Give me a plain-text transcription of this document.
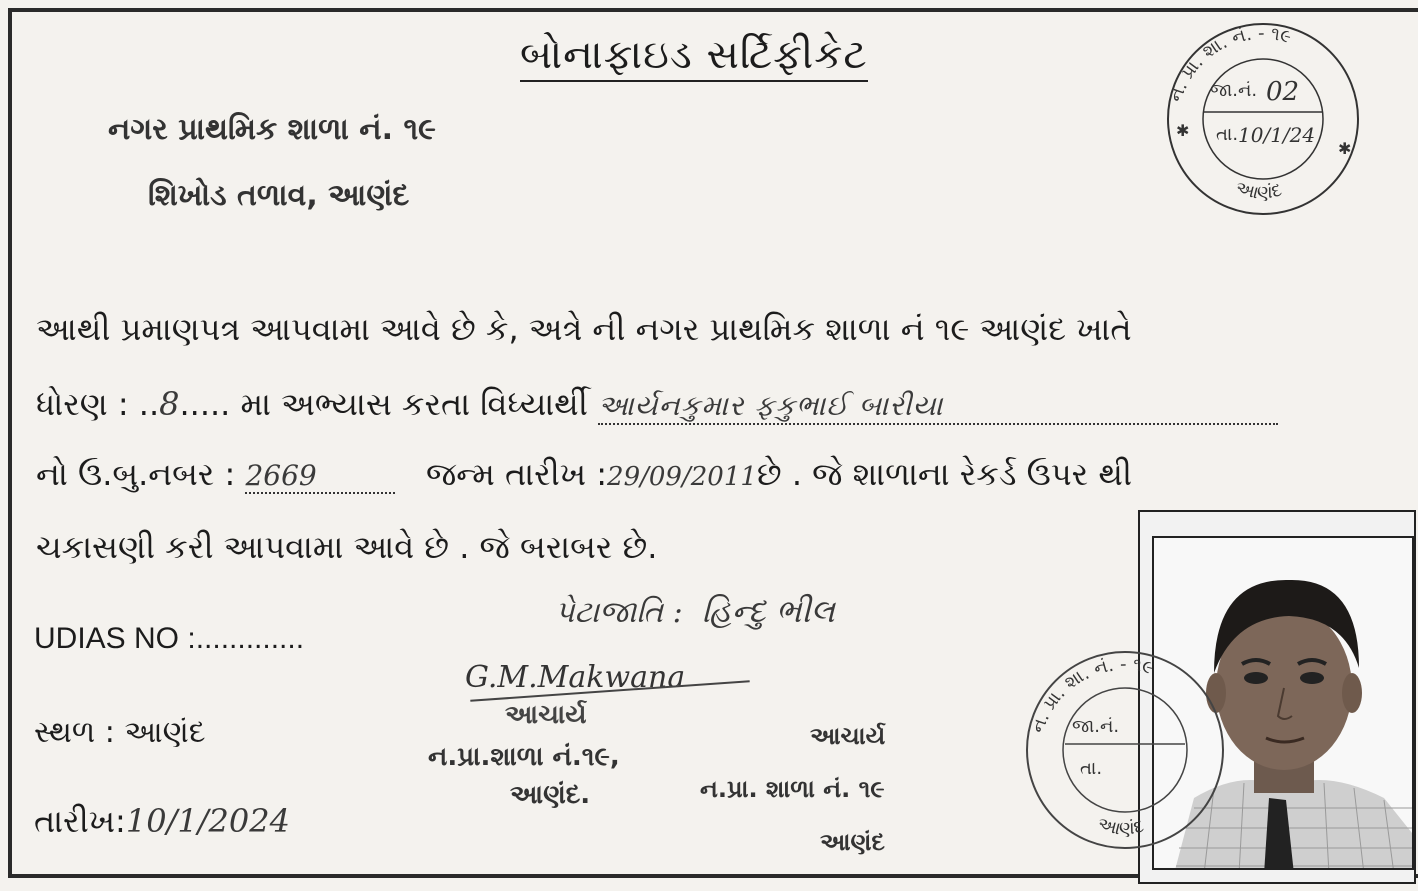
બોનાફાઇડ સર્ટિફીકેટ
નગર પ્રાથમિક શાળા નં. ૧૯
શિખોડ તળાવ, આણંદ
ન. પ્રા. શા. નં. - ૧૯
આણંદ
જા.નં. 02
તા. 10/1/24
✱
✱
આથી પ્રમાણપત્ર આપવામા આવે છે કે, અત્રે ની નગર પ્રાથમિક શાળા નં ૧૯ આણંદ ખાતે
ધોરણ : ..8..... મા અભ્યાસ કરતા વિધ્યાર્થી આર્યનકુમાર ફકુભાઈ બારીયા
નો ઉ.બુ.નબર : 2669	જન્મ તારીખ :29/09/2011છે . જે શાળાના રેકર્ડ ઉપર થી
ચકાસણી કરી આપવામા આવે છે . જે બરાબર છે.
પેટાજાતિ : હિન્દુ ભીલ
UDIAS NO :.............
G.M.Makwana
આચાર્ય
ન.પ્રા.શાળા નં.૧૯,
આણંદ.
આચાર્ય
ન.પ્રા. શાળા નં. ૧૯
આણંદ
સ્થળ : આણંદ
તારીખ:10/1/2024
ન. પ્રા. શા. નં. - ૧૯
આણંદ
જા.નં.
તા.
